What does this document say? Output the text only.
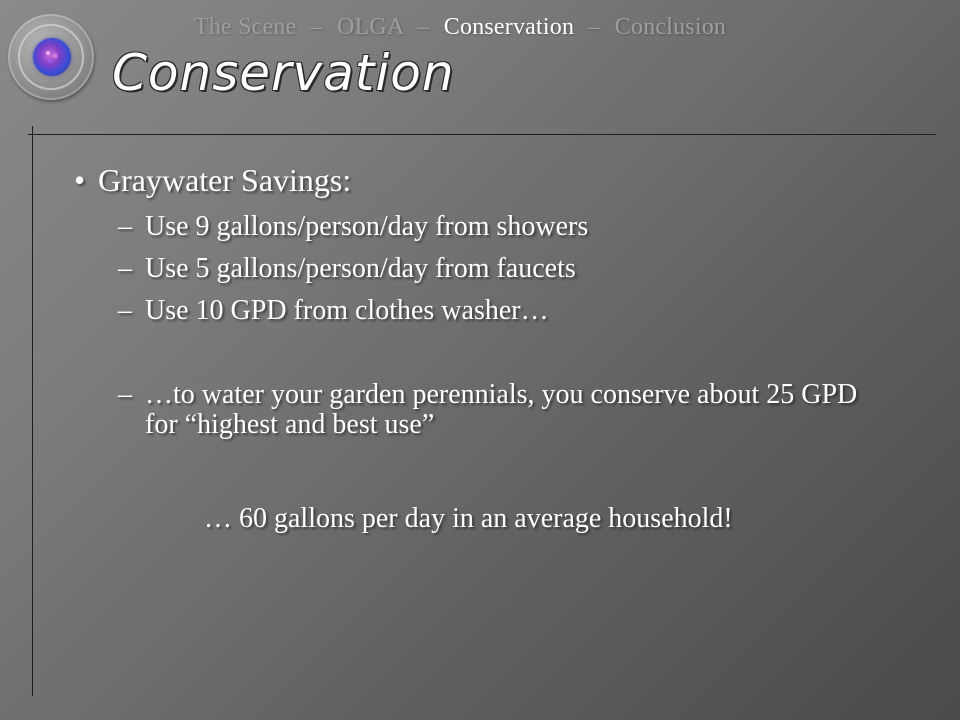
The Scene – OLGA – Conservation – Conclusion
Conservation
• Graywater Savings:
– Use 9 gallons/person/day from showers
– Use 5 gallons/person/day from faucets
– Use 10 GPD from clothes washer…
– …to water your garden perennials, you conserve about 25 GPD for “highest and best use”
… 60 gallons per day in an average household!
